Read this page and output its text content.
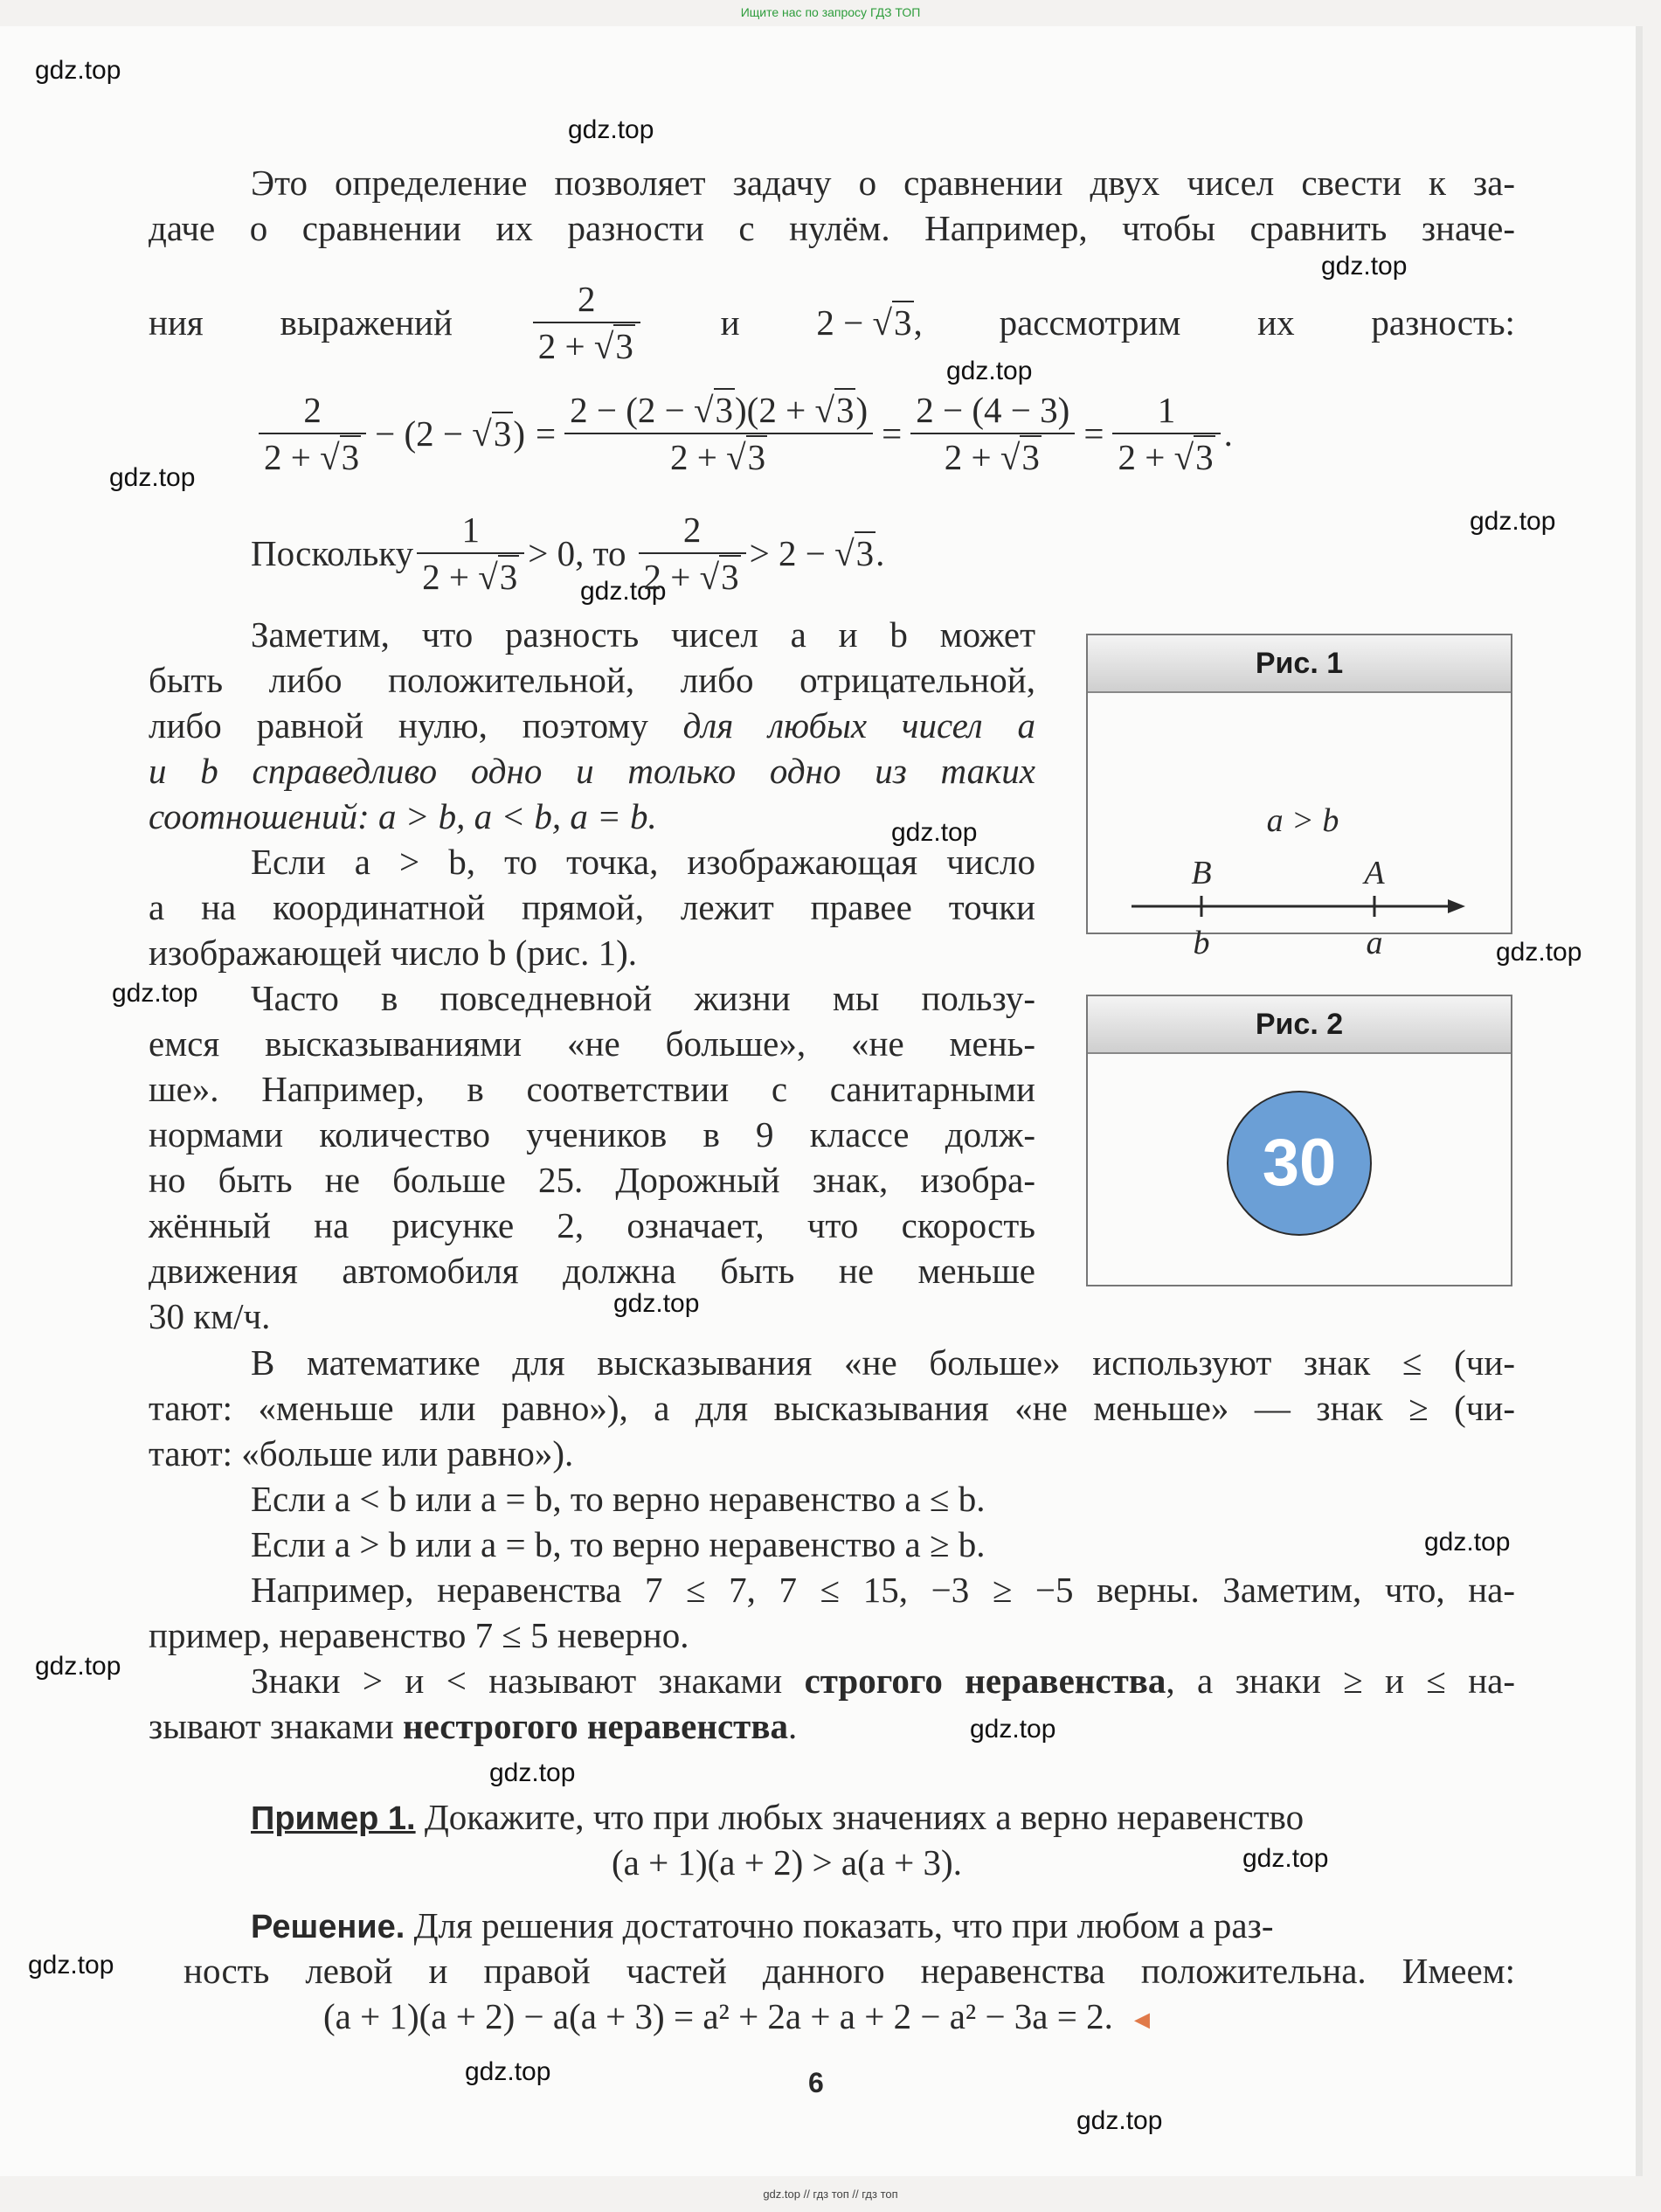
Ищите нас по запросу ГДЗ ТОП
gdz.top
gdz.top
gdz.top
gdz.top
gdz.top
gdz.top
gdz.top
gdz.top
gdz.top
gdz.top
gdz.top
gdz.top
gdz.top
gdz.top
gdz.top
gdz.top
gdz.top
gdz.top
gdz.top
Это определение позволяет задачу о сравнении двух чисел свести к за-
даче о сравнении их разности с нулём. Например, чтобы сравнить значе-
ния выражений $\frac{2}{2 + √3}$ и 2 − √3, рассмотрим их разность:
$\frac{2}{2 + √3} - (2 - √3) = \frac{2 - (2 - √3)(2 + √3)}{2 + √3} = \frac{2 - (4 - 3)}{2 + √3} = \frac{1}{2 + √3}$ .
Поскольку $\frac{1}{2 + √3} > 0$, то $\frac{2}{2 + √3} > 2 - √3$.
Заметим, что разность чисел a и b может
быть либо положительной, либо отрицательной,
либо равной нулю, поэтому для любых чисел a
и b справедливо одно и только одно из таких
соотношений: a > b, a < b, a = b.
Если a > b, то точка, изображающая число
a на координатной прямой, лежит правее точки
изображающей число b (рис. 1).
Часто в повседневной жизни мы пользу-
емся высказываниями «не больше», «не мень-
ше». Например, в соответствии с санитарными
нормами количество учеников в 9 классе долж-
но быть не больше 25. Дорожный знак, изобра-
жённый на рисунке 2, означает, что скорость
движения автомобиля должна быть не меньше
30 км/ч.
Рис. 1
a > b
B	A
b	a
Рис. 2
30
В математике для высказывания «не больше» используют знак ≤ (чи-
тают: «меньше или равно»), а для высказывания «не меньше» — знак ≥ (чи-
тают: «больше или равно»).
Если a < b или a = b, то верно неравенство a ≤ b.
Если a > b или a = b, то верно неравенство a ≥ b.
Например, неравенства 7 ≤ 7, 7 ≤ 15, −3 ≥ −5 верны. Заметим, что, на-
пример, неравенство 7 ≤ 5 неверно.
Знаки > и < называют знаками строгого неравенства, а знаки ≥ и ≤ на-
зывают знаками нестрогого неравенства.
Пример 1. Докажите, что при любых значениях a верно неравенство
(a + 1)(a + 2) > a(a + 3).
Решение. Для решения достаточно показать, что при любом a раз-
ность левой и правой частей данного неравенства положительна. Имеем:
(a + 1)(a + 2) − a(a + 3) = a² + 2a + a + 2 − a² − 3a = 2. ◄
6
gdz.top // гдз топ // гдз топ
